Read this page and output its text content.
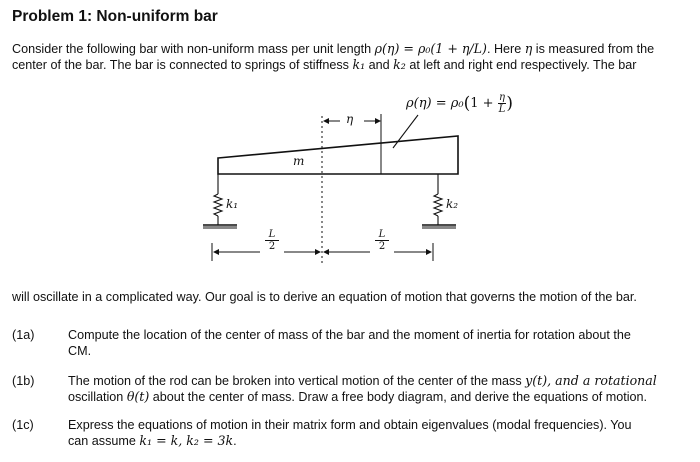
Problem 1: Non-uniform bar
Consider the following bar with non-uniform mass per unit length ρ(η) = ρ₀(1 + η/L). Here η is measured from the
center of the bar. The bar is connected to springs of stiffness k₁ and k₂ at left and right end respectively. The bar
$\rho(\eta) = \rho_0(1 + \frac{\eta}{L}$ )
η
m
k₁	k₂
$\frac{L}{2}$	$\frac{L}{2}$
will oscillate in a complicated way. Our goal is to derive an equation of motion that governs the motion of the bar.
(1a)	Compute the location of the center of mass of the bar and the moment of inertia for rotation about the
CM.
(1b)	The motion of the rod can be broken into vertical motion of the center of the mass y(t), and a rotational
oscillation θ(t) about the center of mass. Draw a free body diagram, and derive the equations of motion.
(1c)	Express the equations of motion in their matrix form and obtain eigenvalues (modal frequencies). You
can assume k₁ = k, k₂ = 3k.
